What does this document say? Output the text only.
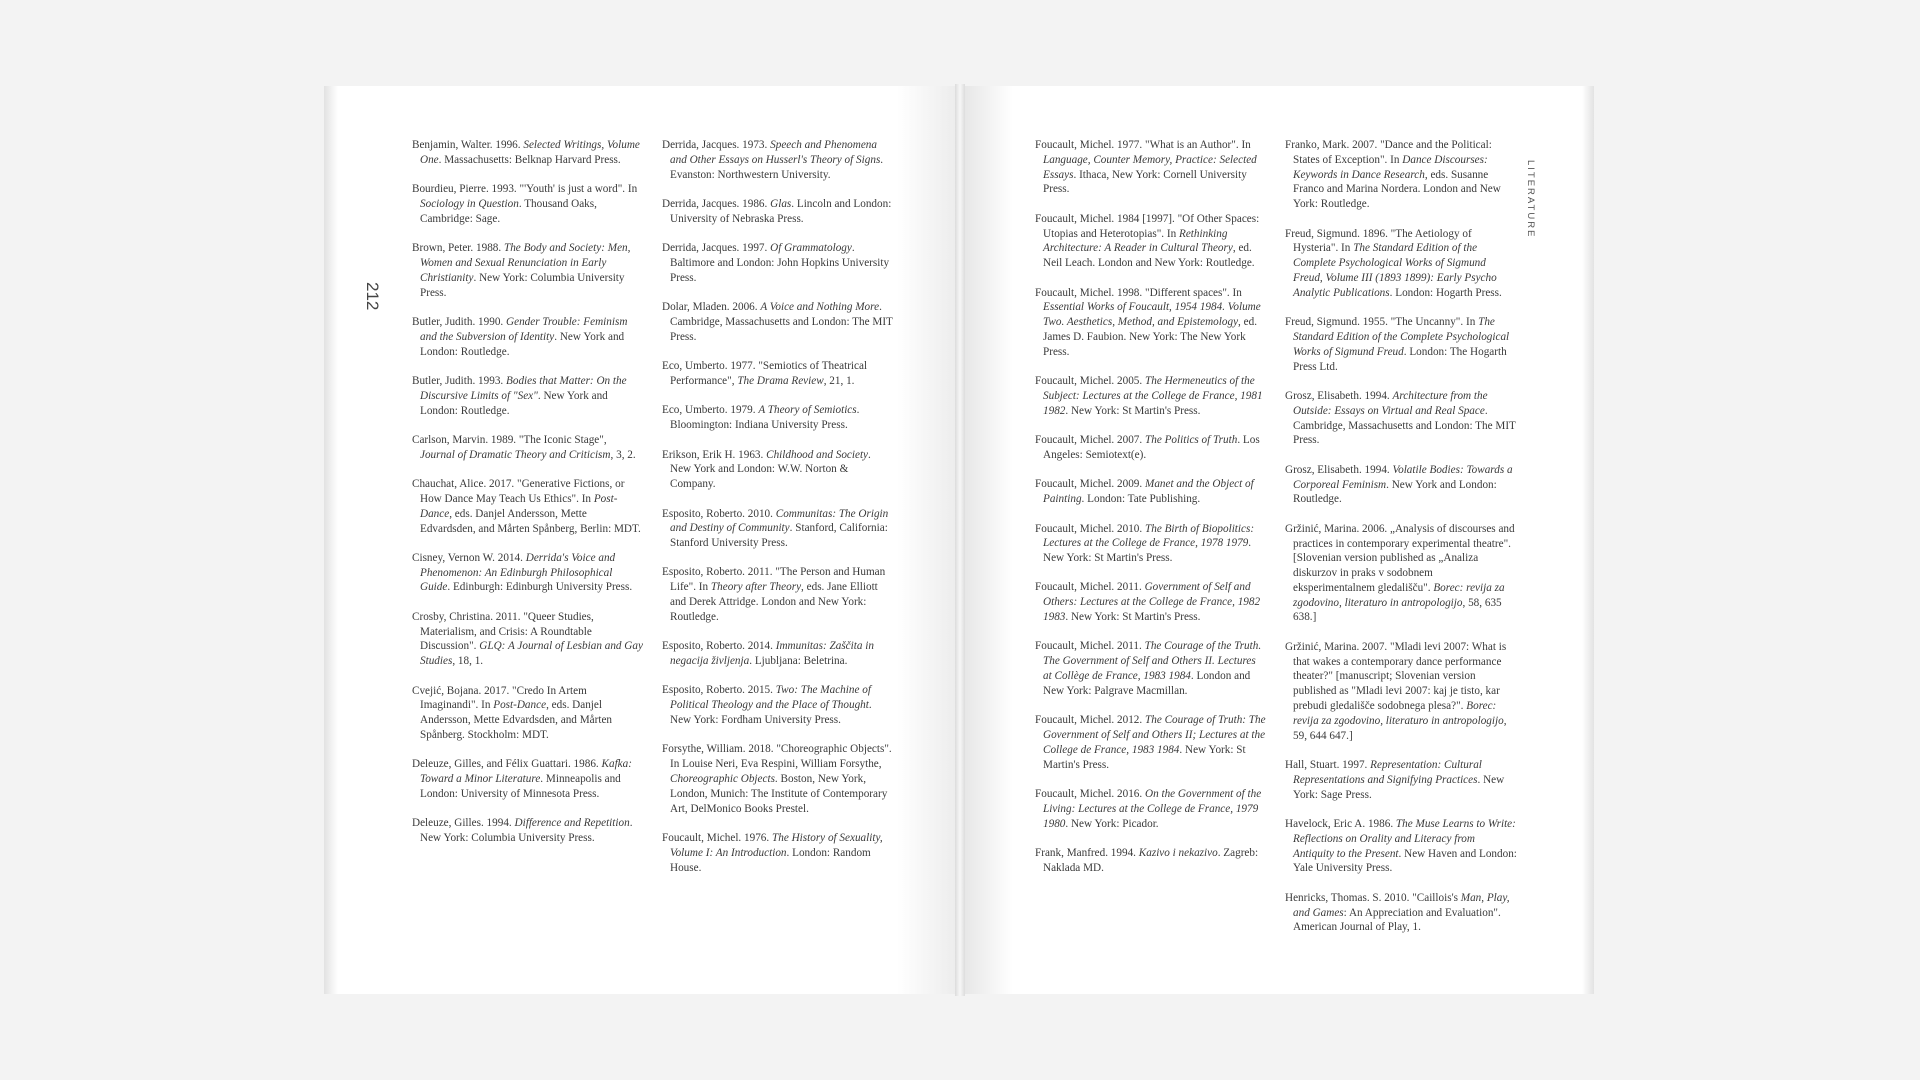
212
LITERATURE

Benjamin, Walter. 1996. Selected Writings, Volume One. Massachusetts: Belknap Harvard Press.

Bourdieu, Pierre. 1993. "'Youth' is just a word". In Sociology in Question. Thousand Oaks, Cambridge: Sage.

Brown, Peter. 1988. The Body and Society: Men, Women and Sexual Renunciation in Early Christianity. New York: Columbia University Press.

Butler, Judith. 1990. Gender Trouble: Feminism and the Subversion of Identity. New York and London: Routledge.

Butler, Judith. 1993. Bodies that Matter: On the Discursive Limits of "Sex". New York and London: Routledge.

Carlson, Marvin. 1989. "The Iconic Stage", Journal of Dramatic Theory and Criticism, 3, 2.

Chauchat, Alice. 2017. "Generative Fictions, or How Dance May Teach Us Ethics". In Post-Dance, eds. Danjel Andersson, Mette Edvardsden, and Mårten Spånberg, Berlin: MDT.

Cisney, Vernon W. 2014. Derrida's Voice and Phenomenon: An Edinburgh Philosophical Guide. Edinburgh: Edinburgh University Press.

Crosby, Christina. 2011. "Queer Studies, Materialism, and Crisis: A Roundtable Discussion". GLQ: A Journal of Lesbian and Gay Studies, 18, 1.

Cvejić, Bojana. 2017. "Credo In Artem Imaginandi". In Post-Dance, eds. Danjel Andersson, Mette Edvardsden, and Mårten Spånberg. Stockholm: MDT.

Deleuze, Gilles, and Félix Guattari. 1986. Kafka: Toward a Minor Literature. Minneapolis and London: University of Minnesota Press.

Deleuze, Gilles. 1994. Difference and Repetition. New York: Columbia University Press.

Derrida, Jacques. 1973. Speech and Phenomena and Other Essays on Husserl's Theory of Signs. Evanston: Northwestern University.

Derrida, Jacques. 1986. Glas. Lincoln and London: University of Nebraska Press.

Derrida, Jacques. 1997. Of Grammatology. Baltimore and London: John Hopkins University Press.

Dolar, Mladen. 2006. A Voice and Nothing More. Cambridge, Massachusetts and London: The MIT Press.

Eco, Umberto. 1977. "Semiotics of Theatrical Performance", The Drama Review, 21, 1.

Eco, Umberto. 1979. A Theory of Semiotics. Bloomington: Indiana University Press.

Erikson, Erik H. 1963. Childhood and Society. New York and London: W.W. Norton & Company.

Esposito, Roberto. 2010. Communitas: The Origin and Destiny of Community. Stanford, California: Stanford University Press.

Esposito, Roberto. 2011. "The Person and Human Life". In Theory after Theory, eds. Jane Elliott and Derek Attridge. London and New York: Routledge.

Esposito, Roberto. 2014. Immunitas: Zaščita in negacija življenja. Ljubljana: Beletrina.

Esposito, Roberto. 2015. Two: The Machine of Political Theology and the Place of Thought. New York: Fordham University Press.

Forsythe, William. 2018. "Choreographic Objects". In Louise Neri, Eva Respini, William Forsythe, Choreographic Objects. Boston, New York, London, Munich: The Institute of Contemporary Art, DelMonico Books Prestel.

Foucault, Michel. 1976. The History of Sexuality, Volume I: An Introduction. London: Random House.

Foucault, Michel. 1977. "What is an Author". In Language, Counter Memory, Practice: Selected Essays. Ithaca, New York: Cornell University Press.

Foucault, Michel. 1984 [1997]. "Of Other Spaces: Utopias and Heterotopias". In Rethinking Architecture: A Reader in Cultural Theory, ed. Neil Leach. London and New York: Routledge.

Foucault, Michel. 1998. "Different spaces". In Essential Works of Foucault, 1954 1984. Volume Two. Aesthetics, Method, and Epistemology, ed. James D. Faubion. New York: The New York Press.

Foucault, Michel. 2005. The Hermeneutics of the Subject: Lectures at the College de France, 1981 1982. New York: St Martin's Press.

Foucault, Michel. 2007. The Politics of Truth. Los Angeles: Semiotext(e).

Foucault, Michel. 2009. Manet and the Object of Painting. London: Tate Publishing.

Foucault, Michel. 2010. The Birth of Biopolitics: Lectures at the College de France, 1978 1979. New York: St Martin's Press.

Foucault, Michel. 2011. Government of Self and Others: Lectures at the College de France, 1982 1983. New York: St Martin's Press.

Foucault, Michel. 2011. The Courage of the Truth. The Government of Self and Others II. Lectures at Collège de France, 1983 1984. London and New York: Palgrave Macmillan.

Foucault, Michel. 2012. The Courage of Truth: The Government of Self and Others II; Lectures at the College de France, 1983 1984. New York: St Martin's Press.

Foucault, Michel. 2016. On the Government of the Living: Lectures at the College de France, 1979 1980. New York: Picador.

Frank, Manfred. 1994. Kazivo i nekazivo. Zagreb: Naklada MD.

Franko, Mark. 2007. "Dance and the Political: States of Exception". In Dance Discourses: Keywords in Dance Research, eds. Susanne Franco and Marina Nordera. London and New York: Routledge.

Freud, Sigmund. 1896. "The Aetiology of Hysteria". In The Standard Edition of the Complete Psychological Works of Sigmund Freud, Volume III (1893 1899): Early Psycho Analytic Publications. London: Hogarth Press.

Freud, Sigmund. 1955. "The Uncanny". In The Standard Edition of the Complete Psychological Works of Sigmund Freud. London: The Hogarth Press Ltd.

Grosz, Elisabeth. 1994. Architecture from the Outside: Essays on Virtual and Real Space. Cambridge, Massachusetts and London: The MIT Press.

Grosz, Elisabeth. 1994. Volatile Bodies: Towards a Corporeal Feminism. New York and London: Routledge.

Gržinić, Marina. 2006. „Analysis of discourses and practices in contemporary experimental theatre". [Slovenian version published as „Analiza diskurzov in praks v sodobnem eksperimentalnem gledališču". Borec: revija za zgodovino, literaturo in antropologijo, 58, 635 638.]

Gržinić, Marina. 2007. "Mladi levi 2007: What is that wakes a contemporary dance performance theater?" [manuscript; Slovenian version published as "Mladi levi 2007: kaj je tisto, kar prebudi gledališče sodobnega plesa?". Borec: revija za zgodovino, literaturo in antropologijo, 59, 644 647.]

Hall, Stuart. 1997. Representation: Cultural Representations and Signifying Practices. New York: Sage Press.

Havelock, Eric A. 1986. The Muse Learns to Write: Reflections on Orality and Literacy from Antiquity to the Present. New Haven and London: Yale University Press.

Henricks, Thomas. S. 2010. "Caillois's Man, Play, and Games: An Appreciation and Evaluation". American Journal of Play, 1.
